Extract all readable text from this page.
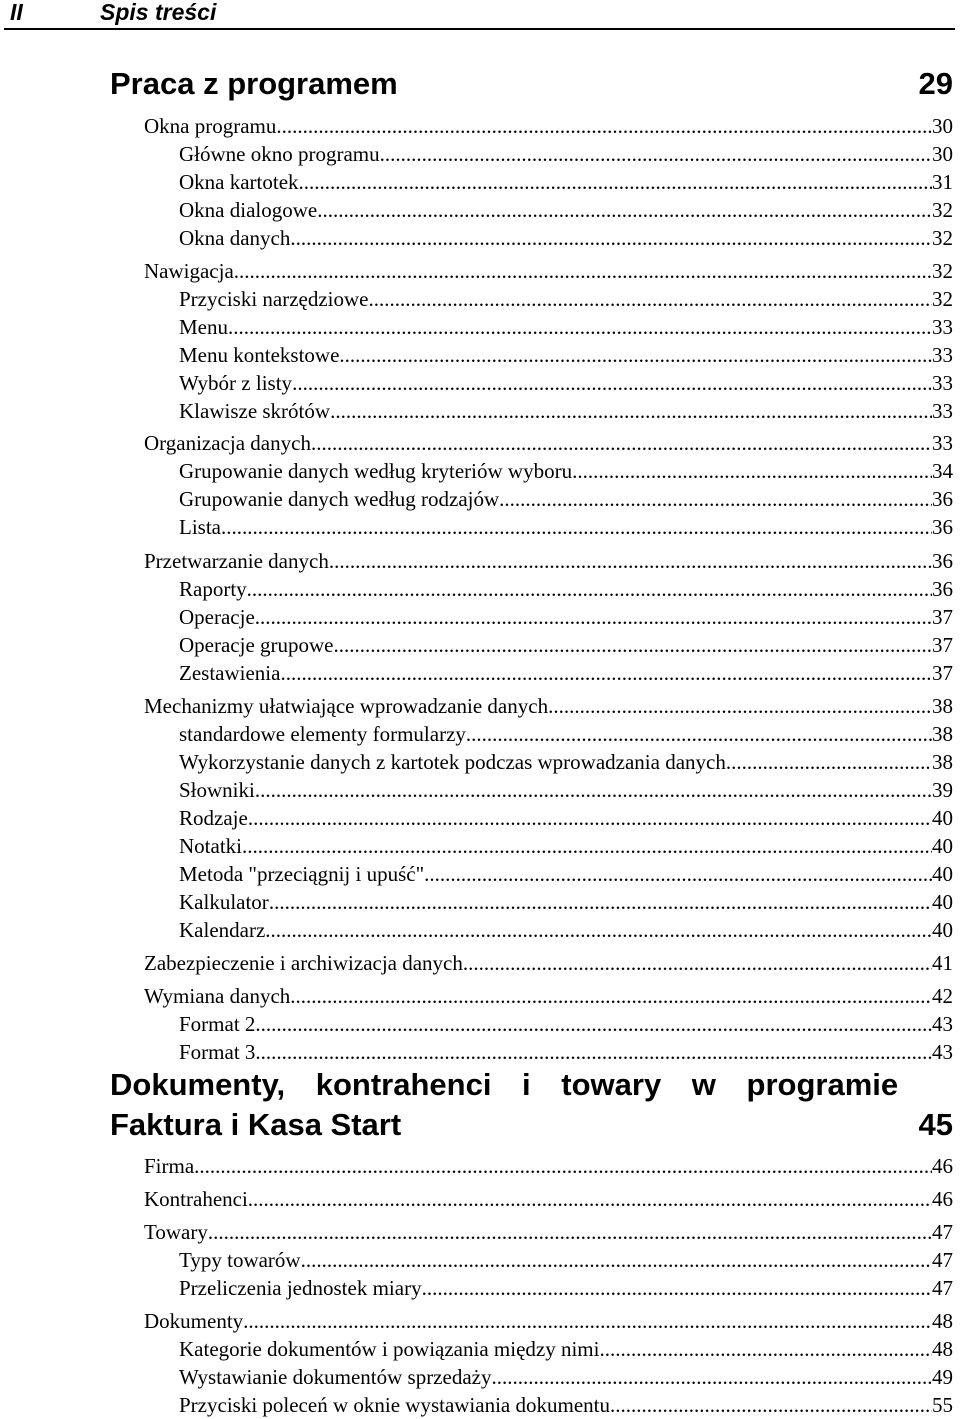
II	Spis treści
Praca z programem	29
Dokumenty, kontrahenci i towary w programie
Faktura i Kasa Start	45
Okna programu .....	30
Główne okno programu. .....	30
Okna kartotek. .....	31
Okna dialogowe .....	32
Okna danych .....	32
Nawigacja .....	32
Przyciski narzędziowe .....	32
Menu .....	33
Menu kontekstowe .....	33
Wybór z listy .....	33
Klawisze skrótów .....	33
Organizacja danych .....	33
Grupowanie danych według kryteriów wyboru .....	34
Grupowanie danych według rodzajów .....	36
Lista .....	36
Przetwarzanie danych .....	36
Raporty .....	36
Operacje .....	37
Operacje grupowe .....	37
Zestawienia .....	37
Mechanizmy ułatwiające wprowadzanie danych .....	38
standardowe elementy formularzy .....	38
Wykorzystanie danych z kartotek podczas wprowadzania danych .....	38
Słowniki .....	39
Rodzaje .....	40
Notatki .....	40
Metoda "przeciągnij i upuść" .....	40
Kalkulator .....	40
Kalendarz .....	40
Zabezpieczenie i archiwizacja danych .....	41
Wymiana danych .....	42
Format 2 .....	43
Format 3 .....	43
Firma .....	46
Kontrahenci .....	46
Towary .....	47
Typy towarów .....	47
Przeliczenia jednostek miary .....	47
Dokumenty .....	48
Kategorie dokumentów i powiązania między nimi .....	48
Wystawianie dokumentów sprzedaży .....	49
Przyciski poleceń w oknie wystawiania dokumentu .....	55
